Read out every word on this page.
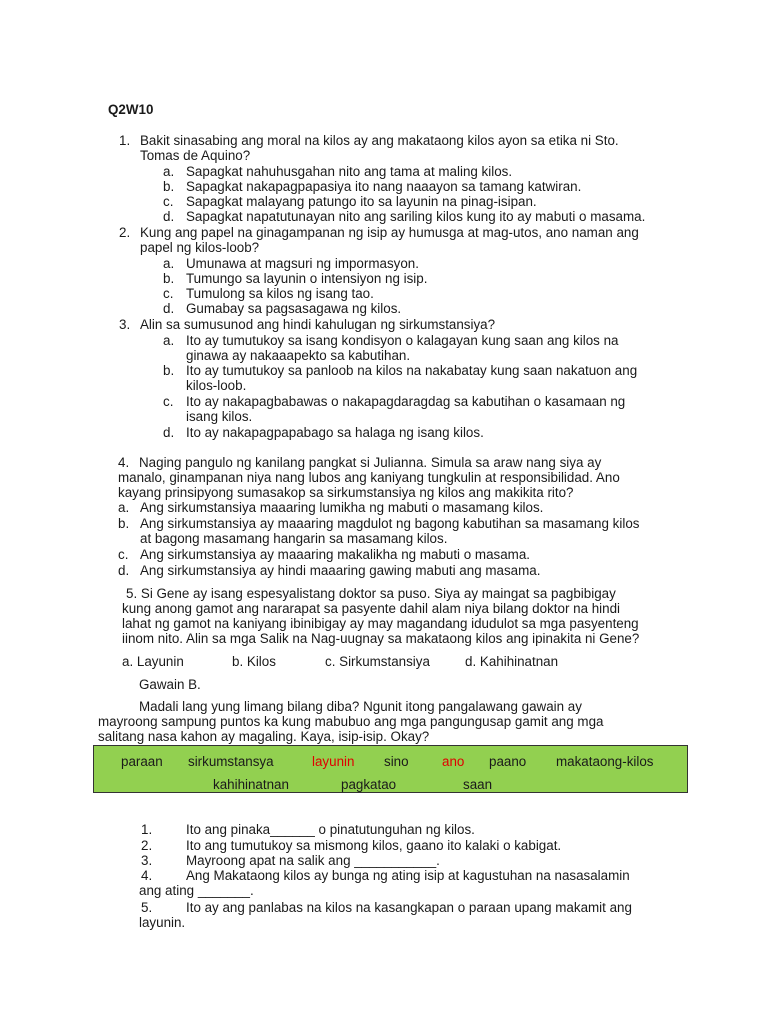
Q2W10
1. Bakit sinasabing ang moral na kilos ay ang makataong kilos ayon sa etika ni Sto.
Tomas de Aquino?
a. Sapagkat nahuhusgahan nito ang tama at maling kilos.
b. Sapagkat nakapagpapasiya ito nang naaayon sa tamang katwiran.
c. Sapagkat malayang patungo ito sa layunin na pinag-isipan.
d. Sapagkat napatutunayan nito ang sariling kilos kung ito ay mabuti o masama.
2. Kung ang papel na ginagampanan ng isip ay humusga at mag-utos, ano naman ang
papel ng kilos-loob?
a. Umunawa at magsuri ng impormasyon.
b. Tumungo sa layunin o intensiyon ng isip.
c. Tumulong sa kilos ng isang tao.
d. Gumabay sa pagsasagawa ng kilos.
3. Alin sa sumusunod ang hindi kahulugan ng sirkumstansiya?
a. Ito ay tumutukoy sa isang kondisyon o kalagayan kung saan ang kilos na
ginawa ay nakaaapekto sa kabutihan.
b. Ito ay tumutukoy sa panloob na kilos na nakabatay kung saan nakatuon ang
kilos-loob.
c. Ito ay nakapagbabawas o nakapagdaragdag sa kabutihan o kasamaan ng
isang kilos.
d. Ito ay nakapagpapabago sa halaga ng isang kilos.
4. Naging pangulo ng kanilang pangkat si Julianna. Simula sa araw nang siya ay
manalo, ginampanan niya nang lubos ang kaniyang tungkulin at responsibilidad. Ano
kayang prinsipyong sumasakop sa sirkumstansiya ng kilos ang makikita rito?
a. Ang sirkumstansiya maaaring lumikha ng mabuti o masamang kilos.
b. Ang sirkumstansiya ay maaaring magdulot ng bagong kabutihan sa masamang kilos
at bagong masamang hangarin sa masamang kilos.
c. Ang sirkumstansiya ay maaaring makalikha ng mabuti o masama.
d. Ang sirkumstansiya ay hindi maaaring gawing mabuti ang masama.
5. Si Gene ay isang espesyalistang doktor sa puso. Siya ay maingat sa pagbibigay
kung anong gamot ang nararapat sa pasyente dahil alam niya bilang doktor na hindi
lahat ng gamot na kaniyang ibinibigay ay may magandang idudulot sa mga pasyenteng
iinom nito. Alin sa mga Salik na Nag-uugnay sa makataong kilos ang ipinakita ni Gene?
a. Layunin	b. Kilos	c. Sirkumstansiya	d. Kahihinatnan
Gawain B.
Madali lang yung limang bilang diba? Ngunit itong pangalawang gawain ay
mayroong sampung puntos ka kung mabubuo ang mga pangungusap gamit ang mga
salitang nasa kahon ay magaling. Kaya, isip-isip. Okay?
paraan sirkumstansya	layunin sino ano paano makataong-kilos
kahihinatnan	pagkatao	saan
1.	Ito ang pinaka______ o pinatutunguhan ng kilos.
2.	Ito ang tumutukoy sa mismong kilos, gaano ito kalaki o kabigat.
3.	Mayroong apat na salik ang ___________.
4.	Ang Makataong kilos ay bunga ng ating isip at kagustuhan na nasasalamin
ang ating _______.
5.	Ito ay ang panlabas na kilos na kasangkapan o paraan upang makamit ang
layunin.
